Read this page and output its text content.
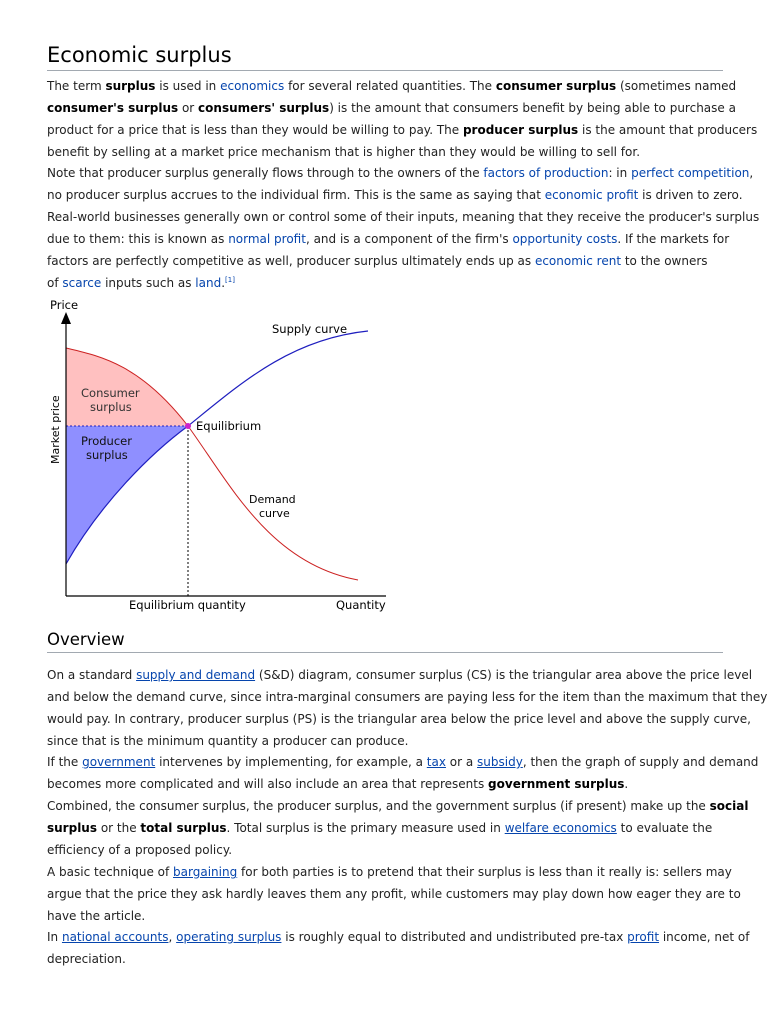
Economic surplus
The term surplus is used in economics for several related quantities. The consumer surplus (sometimes named
consumer's surplus or consumers' surplus) is the amount that consumers benefit by being able to purchase a
product for a price that is less than they would be willing to pay. The producer surplus is the amount that producers
benefit by selling at a market price mechanism that is higher than they would be willing to sell for.
Note that producer surplus generally flows through to the owners of the factors of production: in perfect competition,
no producer surplus accrues to the individual firm. This is the same as saying that economic profit is driven to zero.
Real-world businesses generally own or control some of their inputs, meaning that they receive the producer's surplus
due to them: this is known as normal profit, and is a component of the firm's opportunity costs. If the markets for
factors are perfectly competitive as well, producer surplus ultimately ends up as economic rent to the owners
of scarce inputs such as land.[1]
Overview
On a standard supply and demand (S&D) diagram, consumer surplus (CS) is the triangular area above the price level
and below the demand curve, since intra-marginal consumers are paying less for the item than the maximum that they
would pay. In contrary, producer surplus (PS) is the triangular area below the price level and above the supply curve,
since that is the minimum quantity a producer can produce.
If the government intervenes by implementing, for example, a tax or a subsidy, then the graph of supply and demand
becomes more complicated and will also include an area that represents government surplus.
Combined, the consumer surplus, the producer surplus, and the government surplus (if present) make up the social
surplus or the total surplus. Total surplus is the primary measure used in welfare economics to evaluate the
efficiency of a proposed policy.
A basic technique of bargaining for both parties is to pretend that their surplus is less than it really is: sellers may
argue that the price they ask hardly leaves them any profit, while customers may play down how eager they are to
have the article.
In national accounts, operating surplus is roughly equal to distributed and undistributed pre-tax profit income, net of
depreciation.
Price
Market price
Quantity
Equilibrium quantity
Supply curve
Demand
curve
Consumer
surplus
Producer
surplus
Equilibrium
